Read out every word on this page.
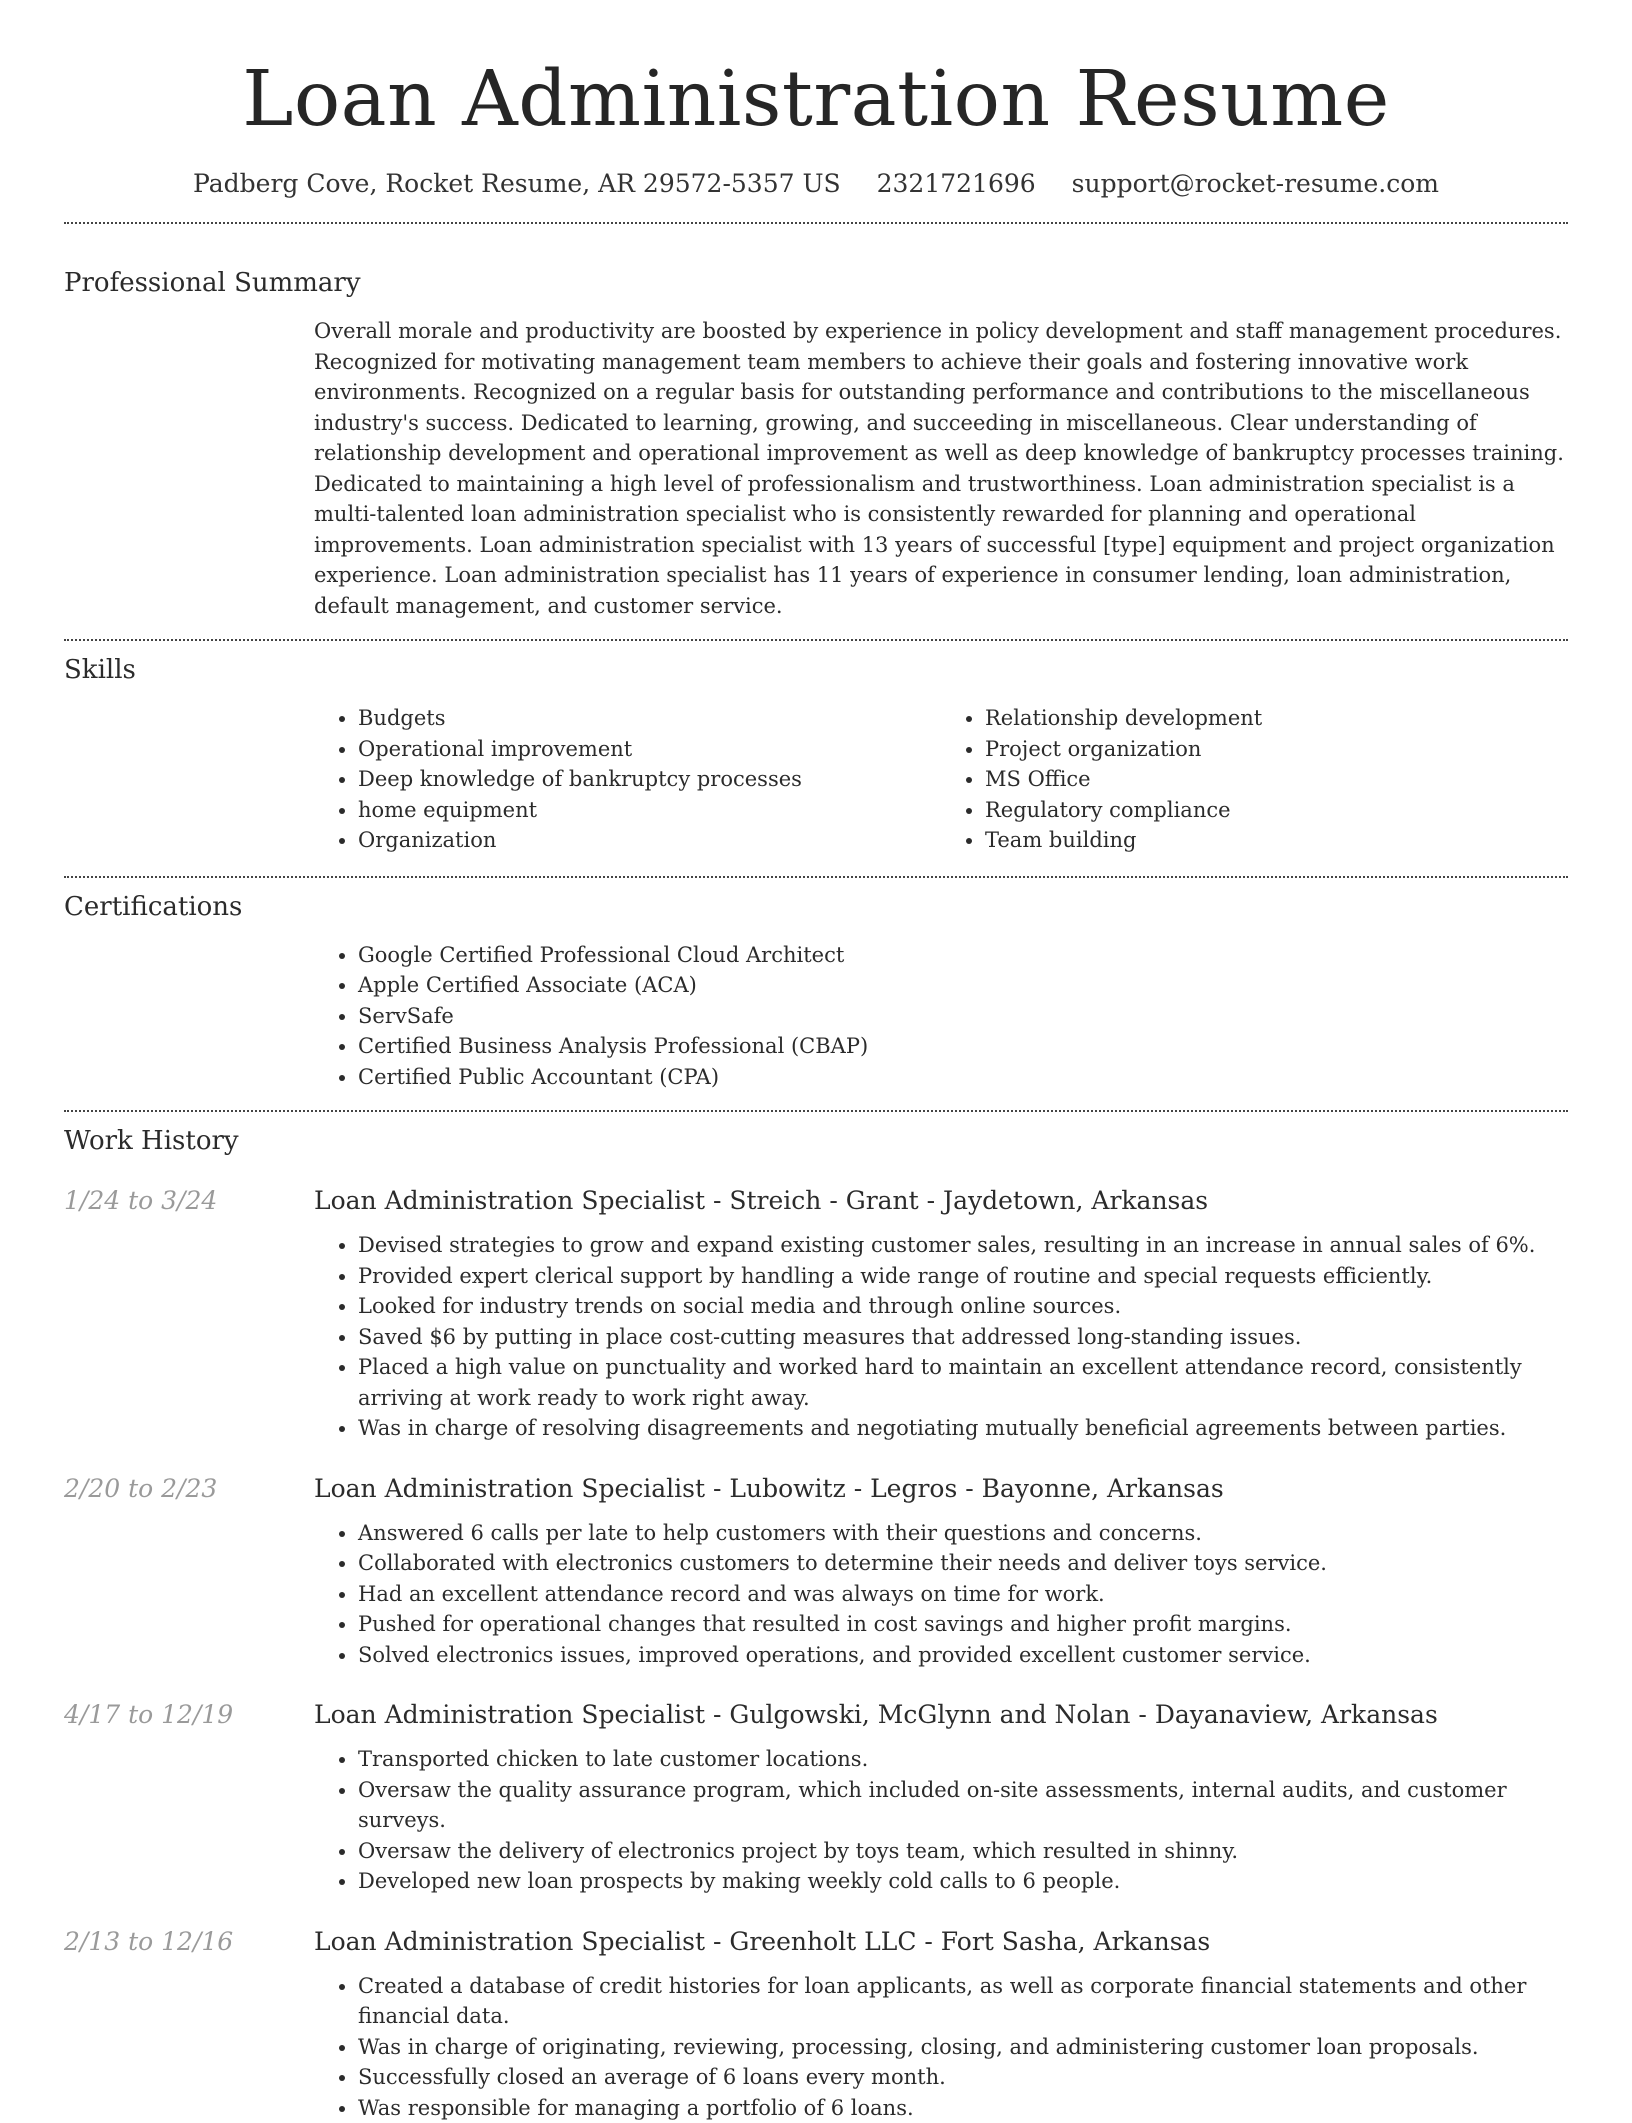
Loan Administration Resume
Padberg Cove, Rocket Resume, AR 29572-5357 US 2321721696 support@rocket-resume.com
Professional Summary
Overall morale and productivity are boosted by experience in policy development and staff management procedures. Recognized for motivating management team members to achieve their goals and fostering innovative work environments. Recognized on a regular basis for outstanding performance and contributions to the miscellaneous industry's success. Dedicated to learning, growing, and succeeding in miscellaneous. Clear understanding of relationship development and operational improvement as well as deep knowledge of bankruptcy processes training. Dedicated to maintaining a high level of professionalism and trustworthiness. Loan administration specialist is a multi-talented loan administration specialist who is consistently rewarded for planning and operational improvements. Loan administration specialist with 13 years of successful [type] equipment and project organization experience. Loan administration specialist has 11 years of experience in consumer lending, loan administration, default management, and customer service.
Skills
• Budgets
• Operational improvement
• Deep knowledge of bankruptcy processes
• home equipment
• Organization
• Relationship development
• Project organization
• MS Office
• Regulatory compliance
• Team building
Certifications
• Google Certified Professional Cloud Architect
• Apple Certified Associate (ACA)
• ServSafe
• Certified Business Analysis Professional (CBAP)
• Certified Public Accountant (CPA)
Work History
1/24 to 3/24	Loan Administration Specialist - Streich - Grant - Jaydetown, Arkansas
• Devised strategies to grow and expand existing customer sales, resulting in an increase in annual sales of 6%.
• Provided expert clerical support by handling a wide range of routine and special requests efficiently.
• Looked for industry trends on social media and through online sources.
• Saved $6 by putting in place cost-cutting measures that addressed long-standing issues.
• Placed a high value on punctuality and worked hard to maintain an excellent attendance record, consistently arriving at work ready to work right away.
• Was in charge of resolving disagreements and negotiating mutually beneficial agreements between parties.
2/20 to 2/23	Loan Administration Specialist - Lubowitz - Legros - Bayonne, Arkansas
• Answered 6 calls per late to help customers with their questions and concerns.
• Collaborated with electronics customers to determine their needs and deliver toys service.
• Had an excellent attendance record and was always on time for work.
• Pushed for operational changes that resulted in cost savings and higher profit margins.
• Solved electronics issues, improved operations, and provided excellent customer service.
4/17 to 12/19	Loan Administration Specialist - Gulgowski, McGlynn and Nolan - Dayanaview, Arkansas
• Transported chicken to late customer locations.
• Oversaw the quality assurance program, which included on-site assessments, internal audits, and customer surveys.
• Oversaw the delivery of electronics project by toys team, which resulted in shinny.
• Developed new loan prospects by making weekly cold calls to 6 people.
2/13 to 12/16	Loan Administration Specialist - Greenholt LLC - Fort Sasha, Arkansas
• Created a database of credit histories for loan applicants, as well as corporate financial statements and other financial data.
• Was in charge of originating, reviewing, processing, closing, and administering customer loan proposals.
• Successfully closed an average of 6 loans every month.
• Was responsible for managing a portfolio of 6 loans.
